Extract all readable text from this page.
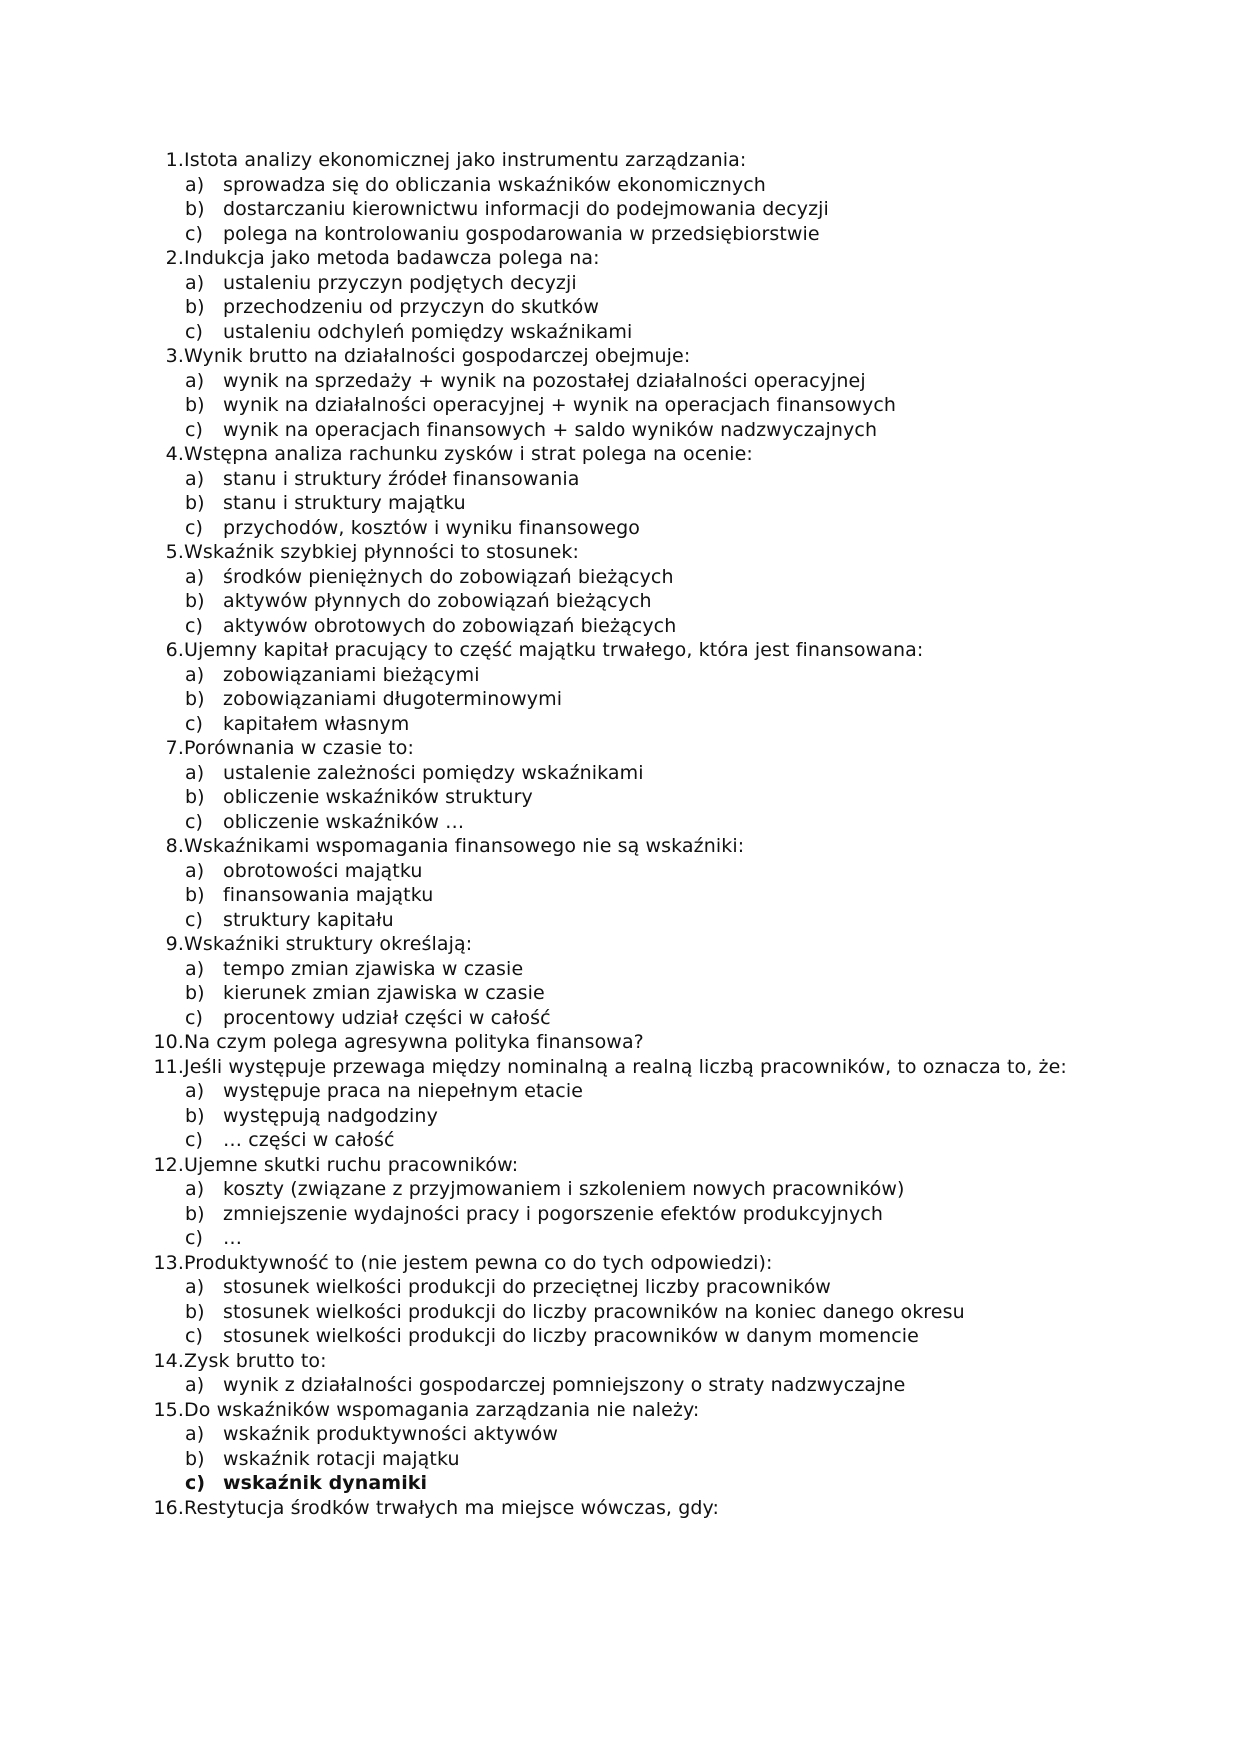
1. Istota analizy ekonomicznej jako instrumentu zarządzania:
a) sprowadza się do obliczania wskaźników ekonomicznych
b) dostarczaniu kierownictwu informacji do podejmowania decyzji
c)	polega na kontrolowaniu gospodarowania w przedsiębiorstwie
2. Indukcja jako metoda badawcza polega na:
a) ustaleniu przyczyn podjętych decyzji
b) przechodzeniu od przyczyn do skutków
c)	ustaleniu odchyleń pomiędzy wskaźnikami
3. Wynik brutto na działalności gospodarczej obejmuje:
a) wynik na sprzedaży + wynik na pozostałej działalności operacyjnej
b) wynik na działalności operacyjnej + wynik na operacjach finansowych
c)	wynik na operacjach finansowych + saldo wyników nadzwyczajnych
4. Wstępna analiza rachunku zysków i strat polega na ocenie:
a) stanu i struktury źródeł finansowania
b) stanu i struktury majątku
c)	przychodów, kosztów i wyniku finansowego
5. Wskaźnik szybkiej płynności to stosunek:
a) środków pieniężnych do zobowiązań bieżących
b) aktywów płynnych do zobowiązań bieżących
c)	aktywów obrotowych do zobowiązań bieżących
6. Ujemny kapitał pracujący to część majątku trwałego, która jest finansowana:
a) zobowiązaniami bieżącymi
b) zobowiązaniami długoterminowymi
c)	kapitałem własnym
7. Porównania w czasie to:
a) ustalenie zależności pomiędzy wskaźnikami
b) obliczenie wskaźników struktury
c)	obliczenie wskaźników …
8. Wskaźnikami wspomagania finansowego nie są wskaźniki:
a) obrotowości majątku
b) finansowania majątku
c)	struktury kapitału
9. Wskaźniki struktury określają:
a) tempo zmian zjawiska w czasie
b) kierunek zmian zjawiska w czasie
c)	procentowy udział części w całość
10. Na czym polega agresywna polityka finansowa?
11. Jeśli występuje przewaga między nominalną a realną liczbą pracowników, to oznacza to, że:
a) występuje praca na niepełnym etacie
b) występują nadgodziny
c)	… części w całość
12. Ujemne skutki ruchu pracowników:
a) koszty (związane z przyjmowaniem i szkoleniem nowych pracowników)
b) zmniejszenie wydajności pracy i pogorszenie efektów produkcyjnych
c)	…
13. Produktywność to (nie jestem pewna co do tych odpowiedzi):
a) stosunek wielkości produkcji do przeciętnej liczby pracowników
b) stosunek wielkości produkcji do liczby pracowników na koniec danego okresu
c)	stosunek wielkości produkcji do liczby pracowników w danym momencie
14. Zysk brutto to:
a) wynik z działalności gospodarczej pomniejszony o straty nadzwyczajne
15. Do wskaźników wspomagania zarządzania nie należy:
a) wskaźnik produktywności aktywów
b) wskaźnik rotacji majątku
c) wskaźnik dynamiki
16. Restytucja środków trwałych ma miejsce wówczas, gdy:
